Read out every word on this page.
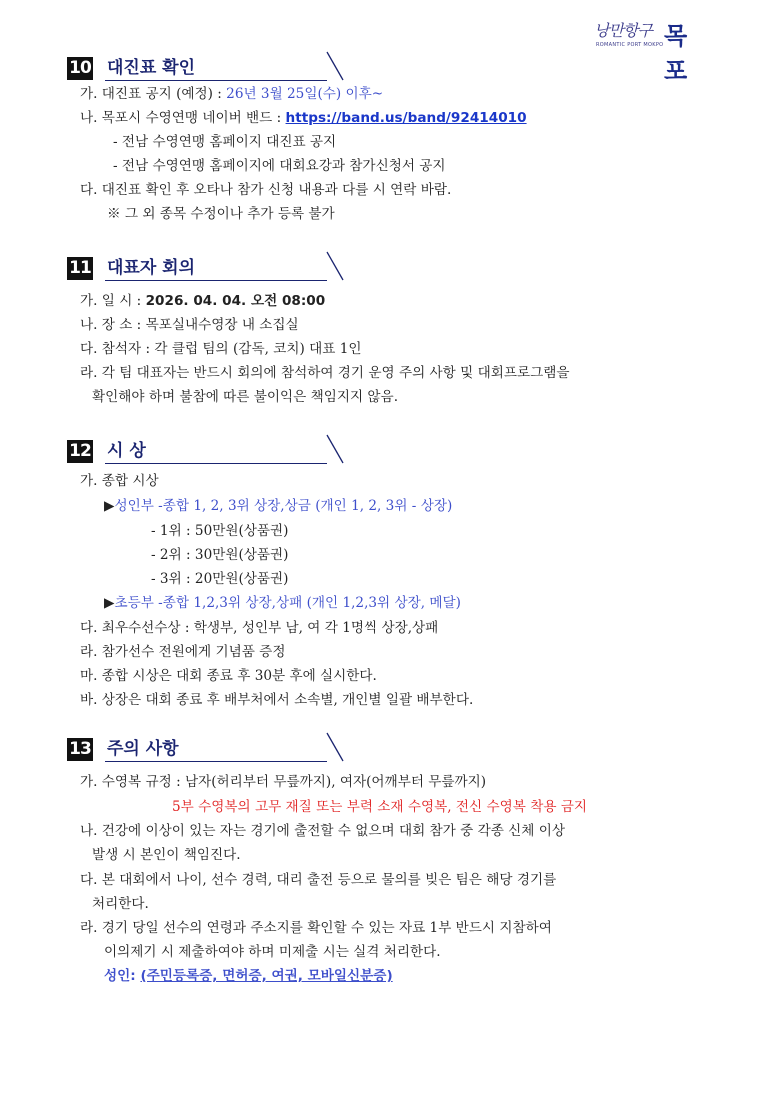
낭만항구
ROMANTIC PORT MOKPO 목포
10 대진표 확인
가. 대진표 공지 (예정) : 26년 3월 25일(수) 이후~
나. 목포시 수영연맹 네이버 밴드 : https://band.us/band/92414010
- 전남 수영연맹 홈페이지 대진표 공지
- 전남 수영연맹 홈페이지에 대회요강과 참가신청서 공지
다. 대진표 확인 후 오타나 참가 신청 내용과 다를 시 연락 바람.
※ 그 외 종목 수정이나 추가 등록 불가
11 대표자 회의
가. 일 시 : 2026. 04. 04. 오전 08:00
나. 장 소 : 목포실내수영장 내 소집실
다. 참석자 : 각 클럽 팀의 (감독, 코치) 대표 1인
라. 각 팀 대표자는 반드시 회의에 참석하여 경기 운영 주의 사항 및 대회프로그램을
확인해야 하며 불참에 따른 불이익은 책임지지 않음.
12 시 상
가. 종합 시상
▶성인부 -종합 1, 2, 3위 상장,상금 (개인 1, 2, 3위 - 상장)
- 1위 : 50만원(상품권)
- 2위 : 30만원(상품권)
- 3위 : 20만원(상품권)
▶초등부 -종합 1,2,3위 상장,상패 (개인 1,2,3위 상장, 메달)
다. 최우수선수상 : 학생부, 성인부 남, 여 각 1명씩 상장,상패
라. 참가선수 전원에게 기념품 증정
마. 종합 시상은 대회 종료 후 30분 후에 실시한다.
바. 상장은 대회 종료 후 배부처에서 소속별, 개인별 일괄 배부한다.
13 주의 사항
가. 수영복 규정 : 남자(허리부터 무릎까지), 여자(어깨부터 무릎까지)
5부 수영복의 고무 재질 또는 부력 소재 수영복, 전신 수영복 착용 금지
나. 건강에 이상이 있는 자는 경기에 출전할 수 없으며 대회 참가 중 각종 신체 이상
발생 시 본인이 책임진다.
다. 본 대회에서 나이, 선수 경력, 대리 출전 등으로 물의를 빚은 팀은 해당 경기를
처리한다.
라. 경기 당일 선수의 연령과 주소지를 확인할 수 있는 자료 1부 반드시 지참하여
이의제기 시 제출하여야 하며 미제출 시는 실격 처리한다.
성인: (주민등록증, 면허증, 여권, 모바일신분증)
